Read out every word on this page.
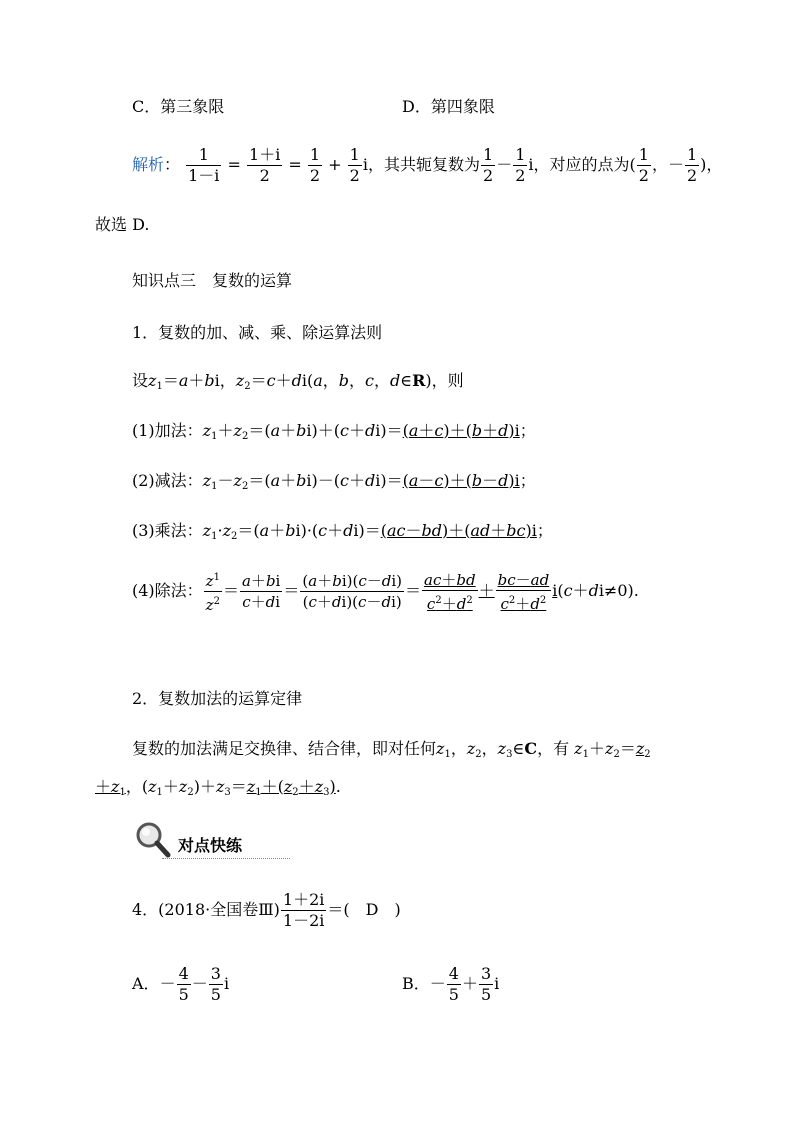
C．第三象限	D．第四象限
解析： $\frac{1}{1-i} = \frac{1+i}{2} = \frac{1}{2} + \frac{1}{2}$ i，其共轭复数为 $\frac{1}{2} - \frac{1}{2}$ i，对应的点为( $\frac{1}{2}$ ，－ $\frac{1}{2}$ )，
故选 D.
知识点三　复数的运算
1．复数的加、减、乘、除运算法则
设$z_1=a+bi$，$z_2=c+di(a$，b，c，d∈R)，则
(1)加法：$z_1+z_2=(a+bi)+(c+di)=(a+c)+(b+d)i$；
(2)减法：$z_1-z_2=(a+bi)-(c+di)=(a-c)+(b-d)i$；
(3)乘法：$z_1\cdot z_2=(a+bi)\cdot(c+di)=(ac-bd)+(ad+bc)i$；
(4)除法： $\frac{z^1}{z^2} = \frac{a+bi}{c+di} = \frac{(a+bi)(c-di)}{(c+di)(c-di)} = \frac{ac+bd}{c^2+d^2} + \frac{bc-ad}{c^2+d^2} i(c+di\ne 0)$.
2．复数加法的运算定律
复数的加法满足交换律、结合律，即对任何$z_1$，$z_2$，$z_3\in C$，有 $z_1+z_2=z_2$
$+z_1$，$(z_1+z_2)+z_3=z_1+(z_2+z_3)$.
对点快练
4．(2018·全国卷Ⅲ) $\frac{1+2i}{1-2i}$ ＝(　D　)
A．－ $\frac{4}{5} - \frac{3}{5}$ i	B．－ $\frac{4}{5} + \frac{3}{5}$ i
